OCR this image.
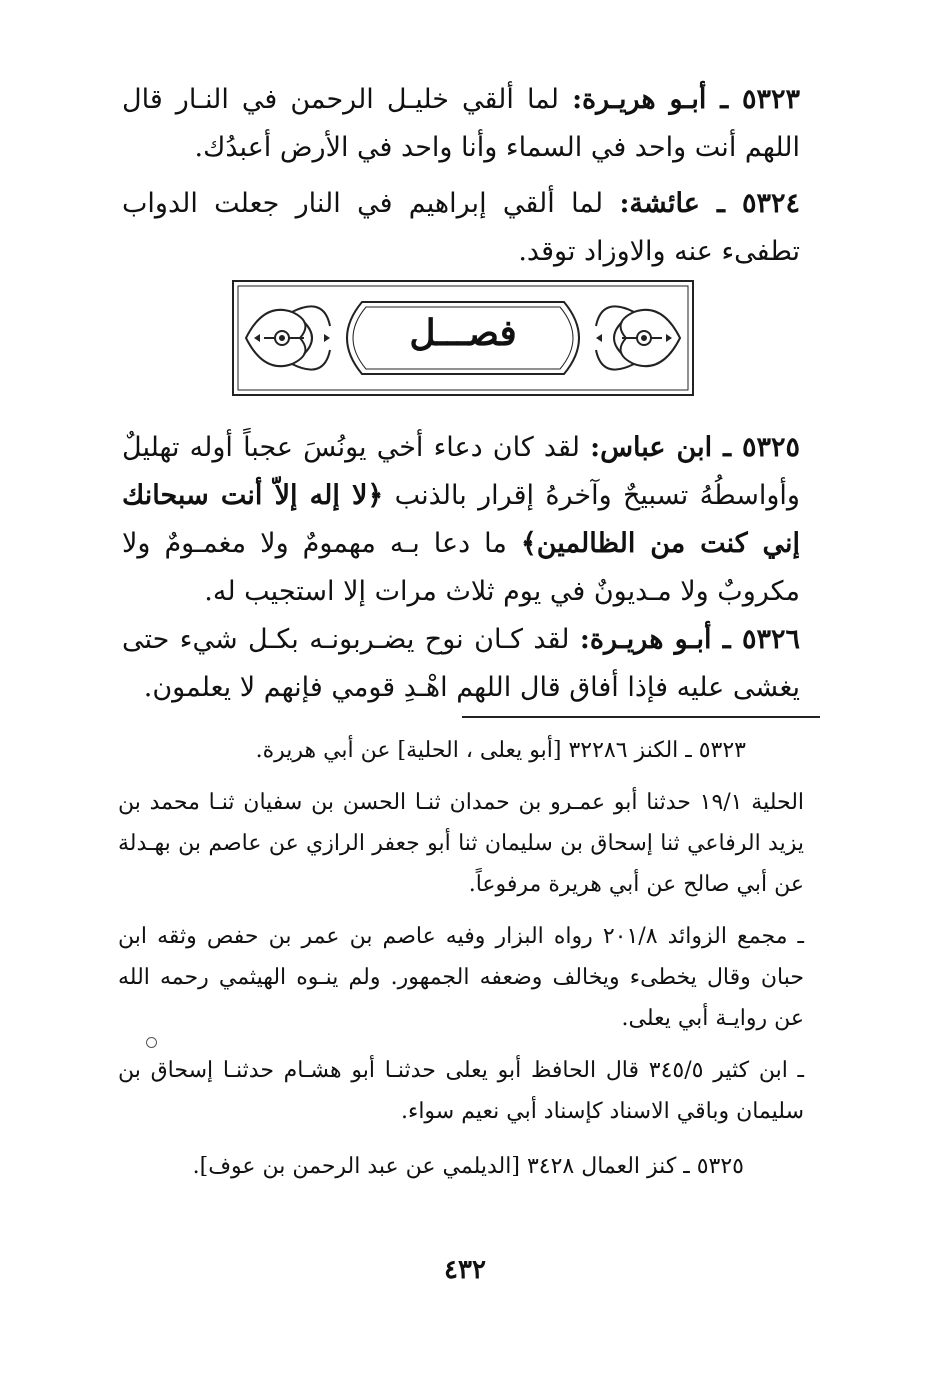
٥٣٢٣ ـ أبـو هريـرة: لما ألقي خليـل الرحمن في النـار قال اللهم أنت واحد في السماء وأنا واحد في الأرض أعبدُك.
٥٣٢٤ ـ عائشة: لما ألقي إبراهيم في النار جعلت الدواب تطفىء عنه والاوزاد توقد.
فصـــل
٥٣٢٥ ـ ابن عباس: لقد كان دعاء أخي يونُسَ عجباً أوله تهليلٌ وأواسطُهُ تسبيحٌ وآخرهُ إقرار بالذنب ﴿لا إله إلاّ أنت سبحانك إني كنت من الظالمين﴾ ما دعا بـه مهمومٌ ولا مغمـومٌ ولا مكروبٌ ولا مـديونٌ في يوم ثلاث مرات إلا استجيب له.
٥٣٢٦ ـ أبـو هريـرة: لقد كـان نوح يضـربونـه بكـل شيء حتى يغشى عليه فإذا أفاق قال اللهم اهْـدِ قومي فإنهم لا يعلمون.
٥٣٢٣ ـ الكنز ٣٢٢٨٦ [أبو يعلى ، الحلية] عن أبي هريرة.
الحلية ١٩/١ حدثنا أبو عمـرو بن حمدان ثنـا الحسن بن سفيان ثنـا محمد بن يزيد الرفاعي ثنا إسحاق بن سليمان ثنا أبو جعفر الرازي عن عاصم بن بهـدلة عن أبي صالح عن أبي هريرة مرفوعاً.
ـ مجمع الزوائد ٢٠١/٨ رواه البزار وفيه عاصم بن عمر بن حفص وثقه ابن حبان وقال يخطىء ويخالف وضعفه الجمهور. ولم ينـوه الهيثمي رحمه الله عن روايـة أبي يعلى.
ـ ابن كثير ٣٤٥/٥ قال الحافظ أبو يعلى حدثنـا أبو هشـام حدثنـا إسحاق بن سليمان وباقي الاسناد كإسناد أبي نعيم سواء.
٥٣٢٥ ـ كنز العمال ٣٤٢٨ [الديلمي عن عبد الرحمن بن عوف].
٤٣٢
